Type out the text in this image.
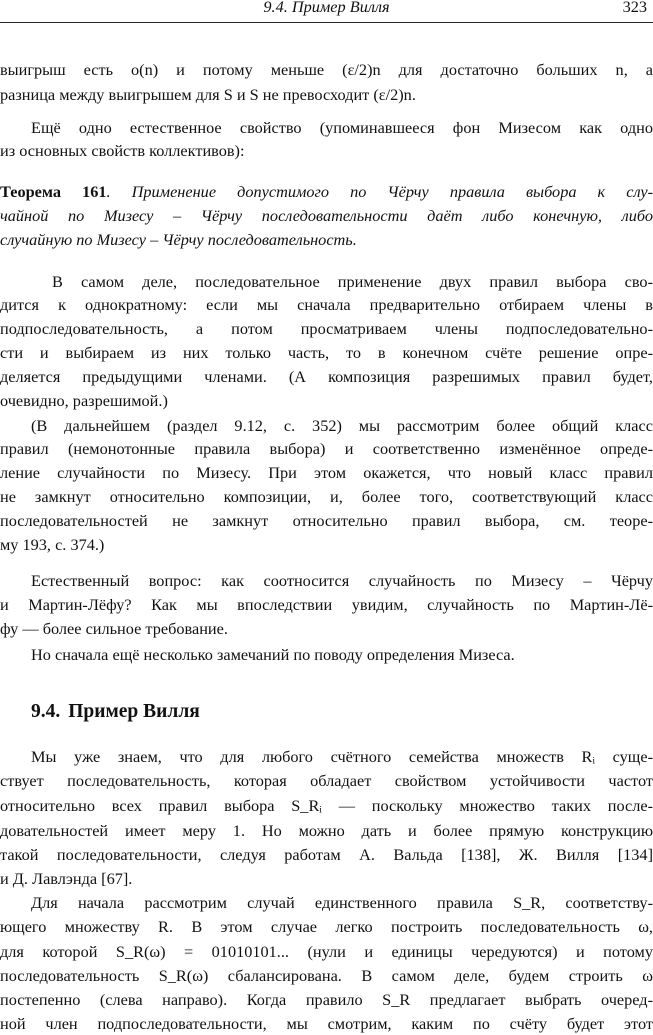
9.4. Пример Вилля	323
выигрыш есть o(n) и потому меньше (ε/2)n для достаточно больших n, а
разница между выигрышем для S и S не превосходит (ε/2)n.
Ещё одно естественное свойство (упоминавшееся фон Мизесом как одно
из основных свойств коллективов):
Теорема 161. Применение допустимого по Чёрчу правила выбора к слу-
чайной по Мизесу – Чёрчу последовательности даёт либо конечную, либо
случайную по Мизесу – Чёрчу последовательность.
В самом деле, последовательное применение двух правил выбора сво-
дится к однократному: если мы сначала предварительно отбираем члены в
подпоследовательность, а потом просматриваем члены подпоследовательно-
сти и выбираем из них только часть, то в конечном счёте решение опре-
деляется предыдущими членами. (А композиция разрешимых правил будет,
очевидно, разрешимой.)
(В дальнейшем (раздел 9.12, с. 352) мы рассмотрим более общий класс
правил (немонотонные правила выбора) и соответственно изменённое опреде-
ление случайности по Мизесу. При этом окажется, что новый класс правил
не замкнут относительно композиции, и, более того, соответствующий класс
последовательностей не замкнут относительно правил выбора, см. теоре-
му 193, с. 374.)
Естественный вопрос: как соотносится случайность по Мизесу – Чёрчу
и Мартин-Лёфу? Как мы впоследствии увидим, случайность по Мартин-Лё-
фу — более сильное требование.
Но сначала ещё несколько замечаний по поводу определения Мизеса.
9.4. Пример Вилля
Мы уже знаем, что для любого счётного семейства множеств Rᵢ суще-
ствует последовательность, которая обладает свойством устойчивости частот
относительно всех правил выбора S_Rᵢ — поскольку множество таких после-
довательностей имеет меру 1. Но можно дать и более прямую конструкцию
такой последовательности, следуя работам А. Вальда [138], Ж. Вилля [134]
и Д. Лавлэнда [67].
Для начала рассмотрим случай единственного правила S_R, соответству-
ющего множеству R. В этом случае легко построить последовательность ω,
для которой S_R(ω) = 01010101... (нули и единицы чередуются) и потому
последовательность S_R(ω) сбалансирована. В самом деле, будем строить ω
постепенно (слева направо). Когда правило S_R предлагает выбрать очеред-
ной член подпоследовательности, мы смотрим, каким по счёту будет этот
